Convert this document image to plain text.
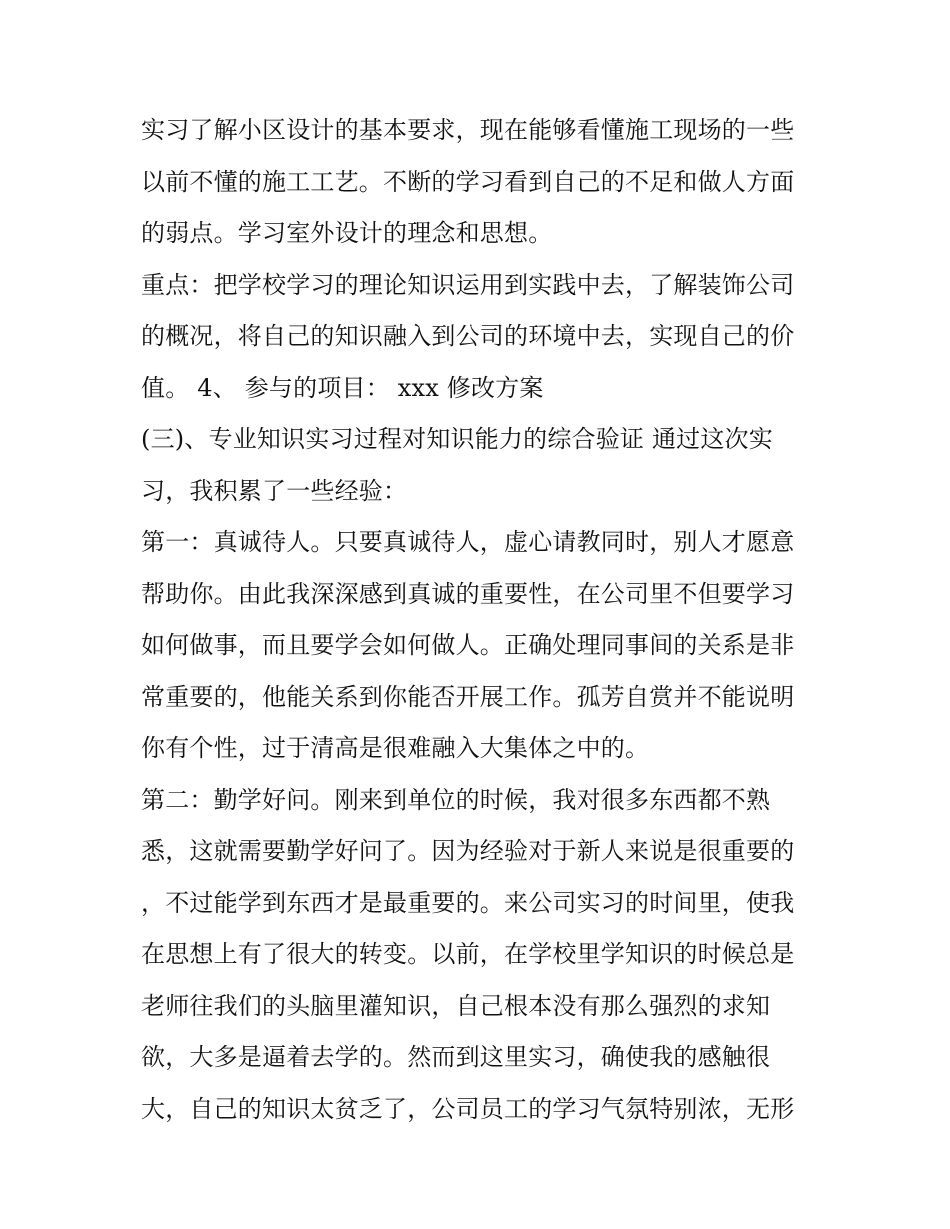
实习了解小区设计的基本要求，现在能够看懂施工现场的一些
以前不懂的施工工艺。不断的学习看到自己的不足和做人方面
的弱点。学习室外设计的理念和思想。
重点：把学校学习的理论知识运用到实践中去，了解装饰公司
的概况，将自己的知识融入到公司的环境中去，实现自己的价
值。 4、 参与的项目： xxx 修改方案
(三)、专业知识实习过程对知识能力的综合验证 通过这次实
习，我积累了一些经验：
第一：真诚待人。只要真诚待人，虚心请教同时，别人才愿意
帮助你。由此我深深感到真诚的重要性，在公司里不但要学习
如何做事，而且要学会如何做人。正确处理同事间的关系是非
常重要的，他能关系到你能否开展工作。孤芳自赏并不能说明
你有个性，过于清高是很难融入大集体之中的。
第二：勤学好问。刚来到单位的时候，我对很多东西都不熟
悉，这就需要勤学好问了。因为经验对于新人来说是很重要的
，不过能学到东西才是最重要的。来公司实习的时间里，使我
在思想上有了很大的转变。以前，在学校里学知识的时候总是
老师往我们的头脑里灌知识，自己根本没有那么强烈的求知
欲，大多是逼着去学的。然而到这里实习，确使我的感触很
大，自己的知识太贫乏了，公司员工的学习气氛特别浓，无形
